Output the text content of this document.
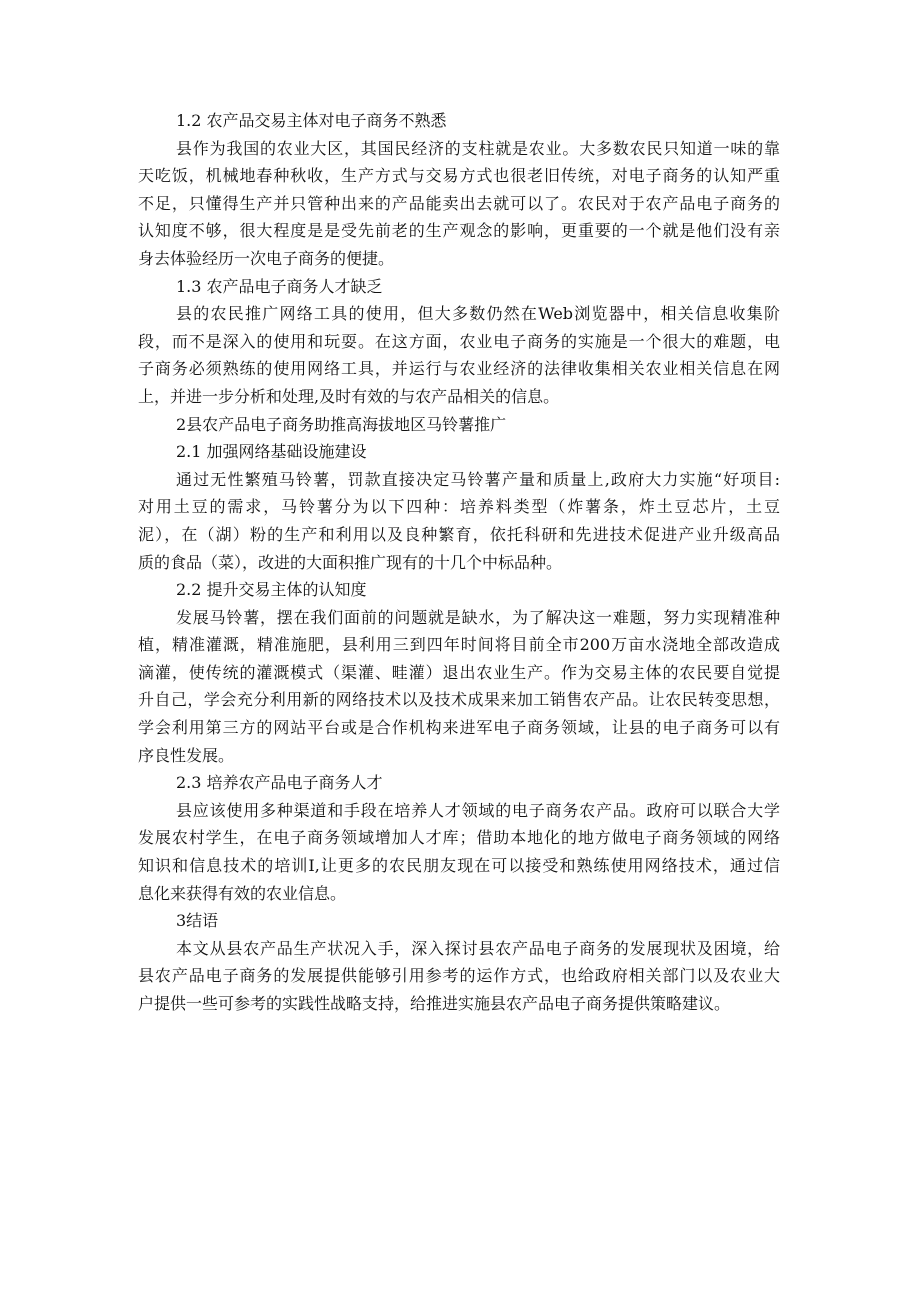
1.2 农产品交易主体对电子商务不熟悉
县作为我国的农业大区，其国民经济的支柱就是农业。大多数农民只知道一味的靠
天吃饭，机械地春种秋收，生产方式与交易方式也很老旧传统，对电子商务的认知严重
不足，只懂得生产并只管种出来的产品能卖出去就可以了。农民对于农产品电子商务的
认知度不够，很大程度是是受先前老的生产观念的影响，更重要的一个就是他们没有亲
身去体验经历一次电子商务的便捷。
1.3 农产品电子商务人才缺乏
县的农民推广网络工具的使用，但大多数仍然在Web浏览器中，相关信息收集阶
段，而不是深入的使用和玩耍。在这方面，农业电子商务的实施是一个很大的难题，电
子商务必须熟练的使用网络工具，并运行与农业经济的法律收集相关农业相关信息在网
上，并进一步分析和处理,及时有效的与农产品相关的信息。
2县农产品电子商务助推高海拔地区马铃薯推广
2.1 加强网络基础设施建设
通过无性繁殖马铃薯，罚款直接决定马铃薯产量和质量上,政府大力实施“好项目:
对用土豆的需求，马铃薯分为以下四种：培养料类型（炸薯条，炸土豆芯片，土豆
泥），在（湖）粉的生产和利用以及良种繁育，依托科研和先进技术促进产业升级高品
质的食品（菜），改进的大面积推广现有的十几个中标品种。
2.2 提升交易主体的认知度
发展马铃薯，摆在我们面前的问题就是缺水，为了解决这一难题，努力实现精准种
植，精准灌溉，精准施肥，县利用三到四年时间将目前全市200万亩水浇地全部改造成
滴灌，使传统的灌溉模式（渠灌、畦灌）退出农业生产。作为交易主体的农民要自觉提
升自己，学会充分利用新的网络技术以及技术成果来加工销售农产品。让农民转变思想，
学会利用第三方的网站平台或是合作机构来进军电子商务领域，让县的电子商务可以有
序良性发展。
2.3 培养农产品电子商务人才
县应该使用多种渠道和手段在培养人才领域的电子商务农产品。政府可以联合大学
发展农村学生，在电子商务领域增加人才库；借助本地化的地方做电子商务领域的网络
知识和信息技术的培训I,让更多的农民朋友现在可以接受和熟练使用网络技术，通过信
息化来获得有效的农业信息。
3结语
本文从县农产品生产状况入手，深入探讨县农产品电子商务的发展现状及困境，给
县农产品电子商务的发展提供能够引用参考的运作方式，也给政府相关部门以及农业大
户提供一些可参考的实践性战略支持，给推进实施县农产品电子商务提供策略建议。
